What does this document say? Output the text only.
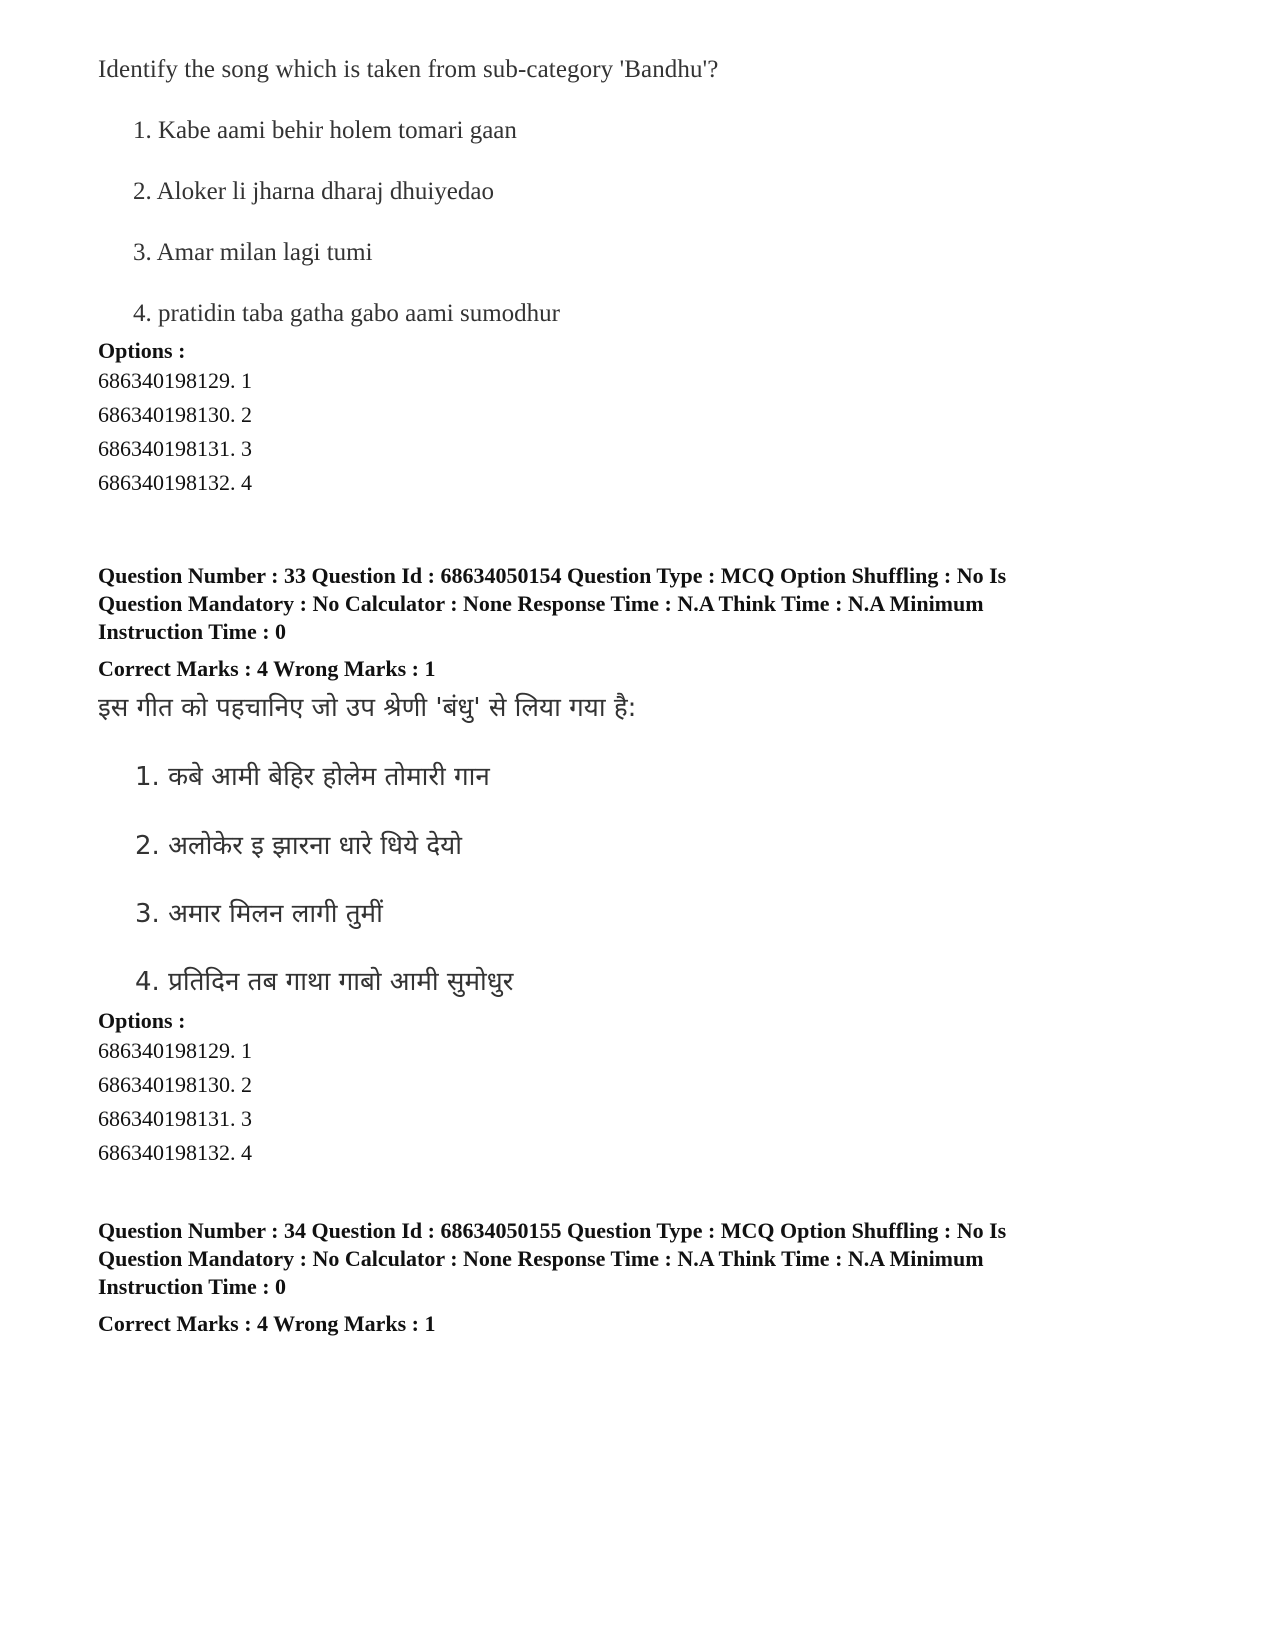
Identify the song which is taken from sub-category 'Bandhu'?
1. Kabe aami behir holem tomari gaan
2. Aloker li jharna dharaj dhuiyedao
3. Amar milan lagi tumi
4. pratidin taba gatha gabo aami sumodhur
Options :
686340198129. 1
686340198130. 2
686340198131. 3
686340198132. 4
Question Number : 33 Question Id : 68634050154 Question Type : MCQ Option Shuffling : No Is
Question Mandatory : No Calculator : None Response Time : N.A Think Time : N.A Minimum
Instruction Time : 0
Correct Marks : 4 Wrong Marks : 1
इस गीत को पहचानिए जो उप श्रेणी 'बंधु' से लिया गया है:
1. कबे आमी बेहिर होलेम तोमारी गान
2. अलोकेर इ झारना धारे धिये देयो
3. अमार मिलन लागी तुमीं
4. प्रतिदिन तब गाथा गाबो आमी सुमोधुर
Options :
686340198129. 1
686340198130. 2
686340198131. 3
686340198132. 4
Question Number : 34 Question Id : 68634050155 Question Type : MCQ Option Shuffling : No Is
Question Mandatory : No Calculator : None Response Time : N.A Think Time : N.A Minimum
Instruction Time : 0
Correct Marks : 4 Wrong Marks : 1
